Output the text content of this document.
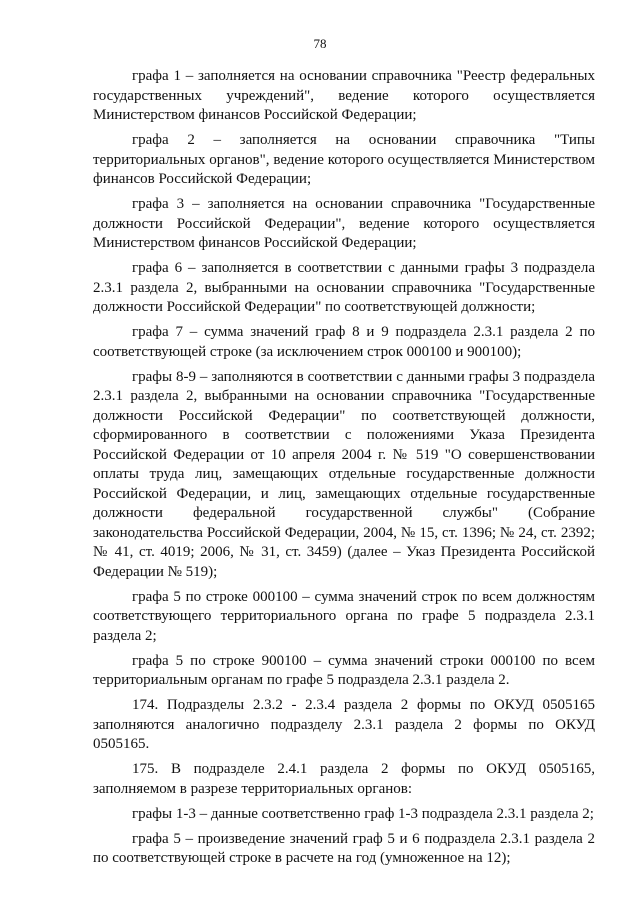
78

графа 1 – заполняется на основании справочника "Реестр федеральных государственных учреждений", ведение которого осуществляется Министерством финансов Российской Федерации;

графа 2 – заполняется на основании справочника "Типы территориальных органов", ведение которого осуществляется Министерством финансов Российской Федерации;

графа 3 – заполняется на основании справочника "Государственные должности Российской Федерации", ведение которого осуществляется Министерством финансов Российской Федерации;

графа 6 – заполняется в соответствии с данными графы 3 подраздела 2.3.1 раздела 2, выбранными на основании справочника "Государственные должности Российской Федерации" по соответствующей должности;

графа 7 – сумма значений граф 8 и 9 подраздела 2.3.1 раздела 2 по соответствующей строке (за исключением строк 000100 и 900100);

графы 8-9 – заполняются в соответствии с данными графы 3 подраздела 2.3.1 раздела 2, выбранными на основании справочника "Государственные должности Российской Федерации" по соответствующей должности, сформированного в соответствии с положениями Указа Президента Российской Федерации от 10 апреля 2004 г. № 519 "О совершенствовании оплаты труда лиц, замещающих отдельные государственные должности Российской Федерации, и лиц, замещающих отдельные государственные должности федеральной государственной службы" (Собрание законодательства Российской Федерации, 2004, № 15, ст. 1396; № 24, ст. 2392; № 41, ст. 4019; 2006, № 31, ст. 3459) (далее – Указ Президента Российской Федерации № 519);

графа 5 по строке 000100 – сумма значений строк по всем должностям соответствующего территориального органа по графе 5 подраздела 2.3.1 раздела 2;

графа 5 по строке 900100 – сумма значений строки 000100 по всем территориальным органам по графе 5 подраздела 2.3.1 раздела 2.

174. Подразделы 2.3.2 - 2.3.4 раздела 2 формы по ОКУД 0505165 заполняются аналогично подразделу 2.3.1 раздела 2 формы по ОКУД 0505165.

175. В подразделе 2.4.1 раздела 2 формы по ОКУД 0505165, заполняемом в разрезе территориальных органов:

графы 1-3 – данные соответственно граф 1-3 подраздела 2.3.1 раздела 2;

графа 5 – произведение значений граф 5 и 6 подраздела 2.3.1 раздела 2 по соответствующей строке в расчете на год (умноженное на 12);
